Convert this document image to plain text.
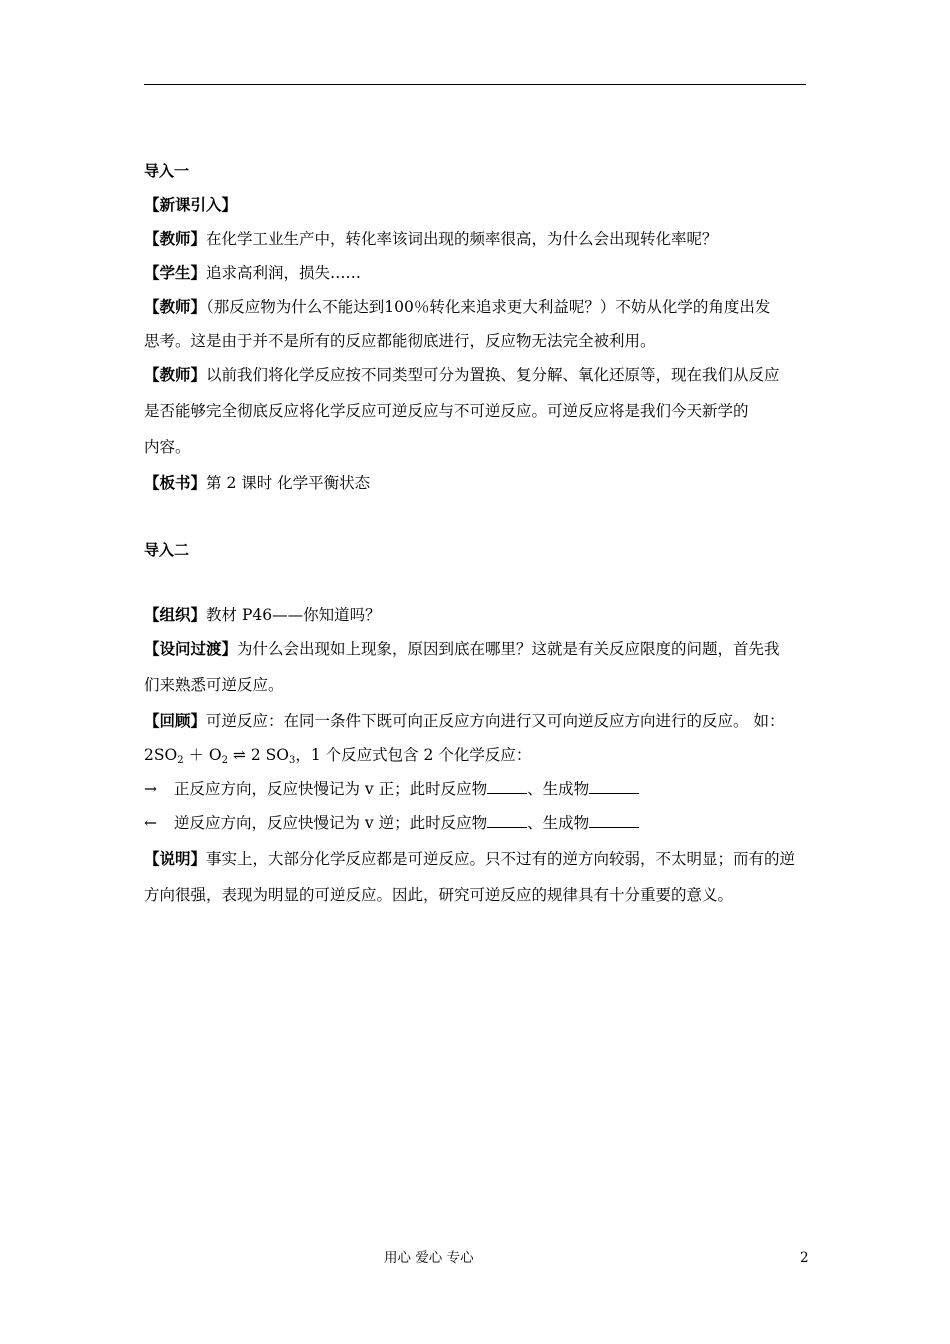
导入一
【新课引入】
【教师】在化学工业生产中，转化率该词出现的频率很高，为什么会出现转化率呢？
【学生】追求高利润，损失……
【教师】（那反应物为什么不能达到100％转化来追求更大利益呢？）不妨从化学的角度出发
思考。这是由于并不是所有的反应都能彻底进行，反应物无法完全被利用。
【教师】以前我们将化学反应按不同类型可分为置换、复分解、氧化还原等，现在我们从反应
是否能够完全彻底反应将化学反应可逆反应与不可逆反应。可逆反应将是我们今天新学的
内容。
【板书】第 2 课时 化学平衡状态
导入二
【组织】教材 P46——你知道吗？
【设问过渡】为什么会出现如上现象，原因到底在哪里？这就是有关反应限度的问题，首先我
们来熟悉可逆反应。
【回顾】可逆反应：在同一条件下既可向正反应方向进行又可向逆反应方向进行的反应。 如：
$2SO_2 + O_2$ ⇌ 2 $SO_3$，1 个反应式包含 2 个化学反应：
→ 正反应方向，反应快慢记为 v 正；此时反应物	、生成物
← 逆反应方向，反应快慢记为 v 逆；此时反应物	、生成物
【说明】事实上，大部分化学反应都是可逆反应。只不过有的逆方向较弱，不太明显；而有的逆
方向很强，表现为明显的可逆反应。因此，研究可逆反应的规律具有十分重要的意义。
用心 爱心 专心	2
